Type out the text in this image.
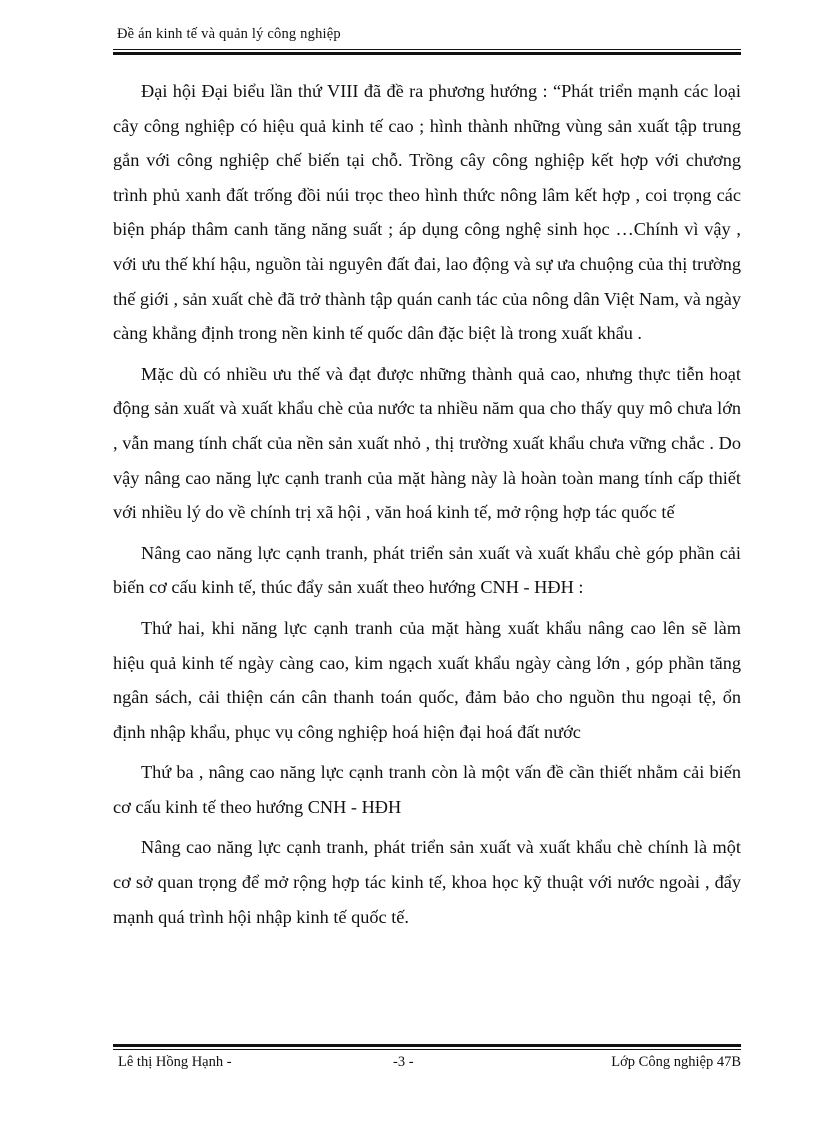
Đề án kinh tế và quản lý công nghiệp

Đại hội Đại biểu lần thứ VIII đã đề ra phương hướng : “Phát triển mạnh các loại cây công nghiệp có hiệu quả kinh tế cao ; hình thành những vùng sản xuất tập trung gắn với công nghiệp chế biến tại chỗ. Trồng cây công nghiệp kết hợp với chương trình phủ xanh đất trống đồi núi trọc theo hình thức nông lâm kết hợp , coi trọng các biện pháp thâm canh tăng năng suất ; áp dụng công nghệ sinh học …Chính vì vậy , với ưu thế khí hậu, nguồn tài nguyên đất đai, lao động và sự ưa chuộng của thị trường thế giới , sản xuất chè đã trở thành tập quán canh tác của nông dân Việt Nam, và ngày càng khẳng định trong nền kinh tế quốc dân đặc biệt là trong xuất khẩu .

Mặc dù có nhiều ưu thế và đạt được những thành quả cao, nhưng thực tiễn hoạt động sản xuất và xuất khẩu chè của nước ta nhiều năm qua cho thấy quy mô chưa lớn , vẫn mang tính chất của nền sản xuất nhỏ , thị trường xuất khẩu chưa vững chắc . Do vậy nâng cao năng lực cạnh tranh của mặt hàng này là hoàn toàn mang tính cấp thiết với nhiều lý do về chính trị xã hội , văn hoá kinh tế, mở rộng hợp tác quốc tế

Nâng cao năng lực cạnh tranh, phát triển sản xuất và xuất khẩu chè góp phần cải biến cơ cấu kinh tế, thúc đẩy sản xuất theo hướng CNH - HĐH :

Thứ hai, khi năng lực cạnh tranh của mặt hàng xuất khẩu nâng cao lên sẽ làm hiệu quả kinh tế ngày càng cao, kim ngạch xuất khẩu ngày càng lớn , góp phần tăng ngân sách, cải thiện cán cân thanh toán quốc, đảm bảo cho nguồn thu ngoại tệ, ổn định nhập khẩu, phục vụ công nghiệp hoá hiện đại hoá đất nước

Thứ ba , nâng cao năng lực cạnh tranh còn là một vấn đề cần thiết nhằm cải biến cơ cấu kinh tế theo hướng CNH - HĐH

Nâng cao năng lực cạnh tranh, phát triển sản xuất và xuất khẩu chè chính là một cơ sở quan trọng để mở rộng hợp tác kinh tế, khoa học kỹ thuật với nước ngoài , đẩy mạnh quá trình hội nhập kinh tế quốc tế.

Lê thị Hồng Hạnh -	-3 -	Lớp Công nghiệp 47B
